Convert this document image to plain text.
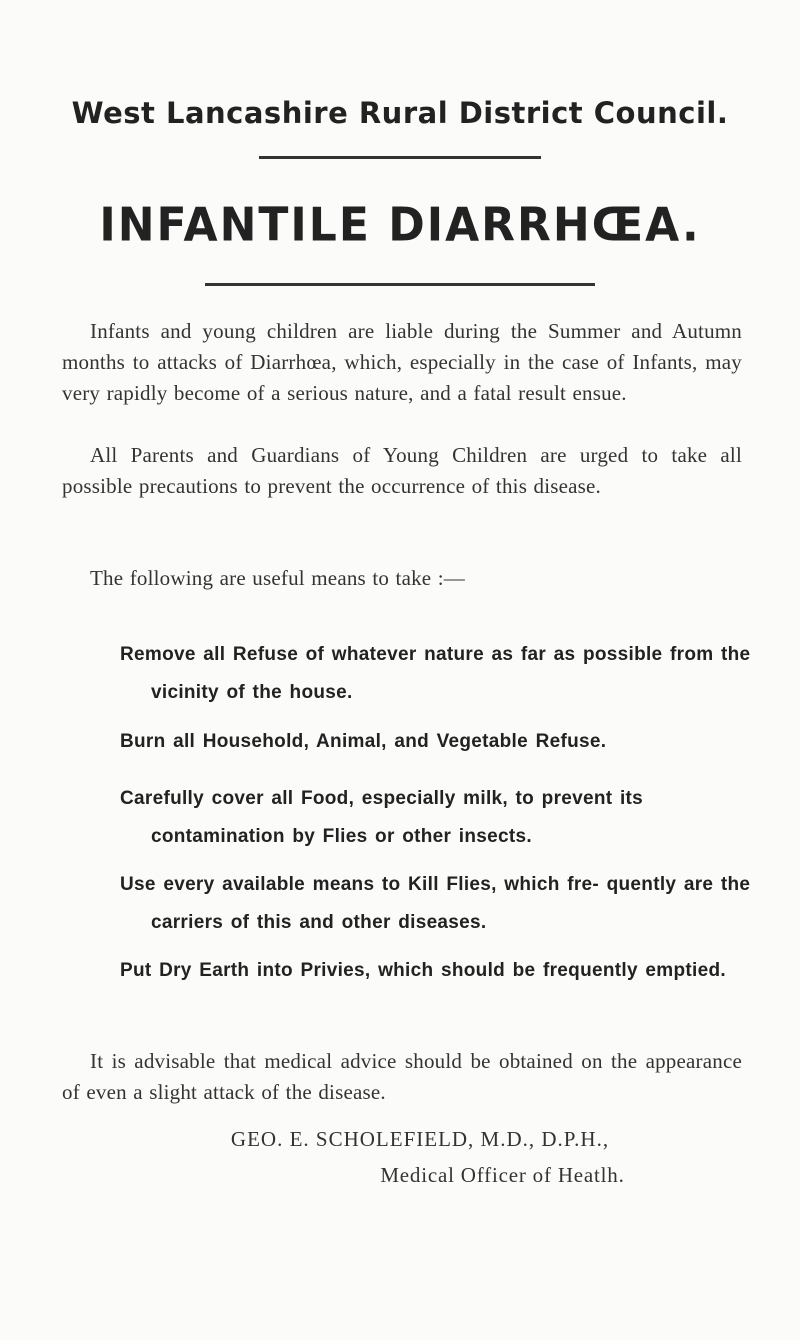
West Lancashire Rural District Council.
INFANTILE DIARRHŒA.

Infants and young children are liable during the Summer and Autumn months to attacks of Diarrhœa, which, especially in the case of Infants, may very rapidly become of a serious nature, and a fatal result ensue.

All Parents and Guardians of Young Children are urged to take all possible precautions to prevent the occurrence of this disease.

The following are useful means to take :—

Remove all Refuse of whatever nature as far as possible from the vicinity of the house.

Burn all Household, Animal, and Vegetable Refuse.

Carefully cover all Food, especially milk, to prevent its contamination by Flies or other insects.

Use every available means to Kill Flies, which fre- quently are the carriers of this and other diseases.

Put Dry Earth into Privies, which should be frequently emptied.

It is advisable that medical advice should be obtained on the appearance of even a slight attack of the disease.

GEO. E. SCHOLEFIELD, M.D., D.P.H.,

Medical Officer of Heatlh.
